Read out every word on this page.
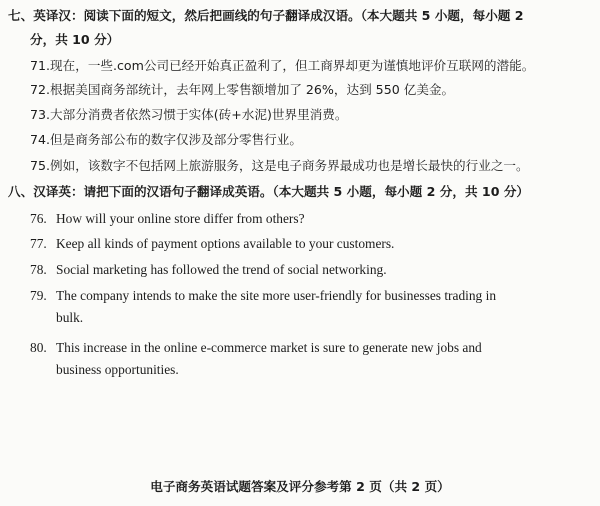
七、英译汉：阅读下面的短文，然后把画线的句子翻译成汉语。（本大题共 5 小题，每小题 2
分，共 10 分）
71.现在，一些.com公司已经开始真正盈利了，但工商界却更为谨慎地评价互联网的潜能。
72.根据美国商务部统计，去年网上零售额增加了 26%，达到 550 亿美金。
73.大部分消费者依然习惯于实体(砖+水泥)世界里消费。
74.但是商务部公布的数字仅涉及部分零售行业。
75.例如，该数字不包括网上旅游服务，这是电子商务界最成功也是增长最快的行业之一。
八、汉译英：请把下面的汉语句子翻译成英语。（本大题共 5 小题，每小题 2 分，共 10 分）
76. How will your online store differ from others?
77. Keep all kinds of payment options available to your customers.
78. Social marketing has followed the trend of social networking.
79. The company intends to make the site more user-friendly for businesses trading in
bulk.
80. This increase in the online e-commerce market is sure to generate new jobs and
business opportunities.
电子商务英语试题答案及评分参考第 2 页（共 2 页）
